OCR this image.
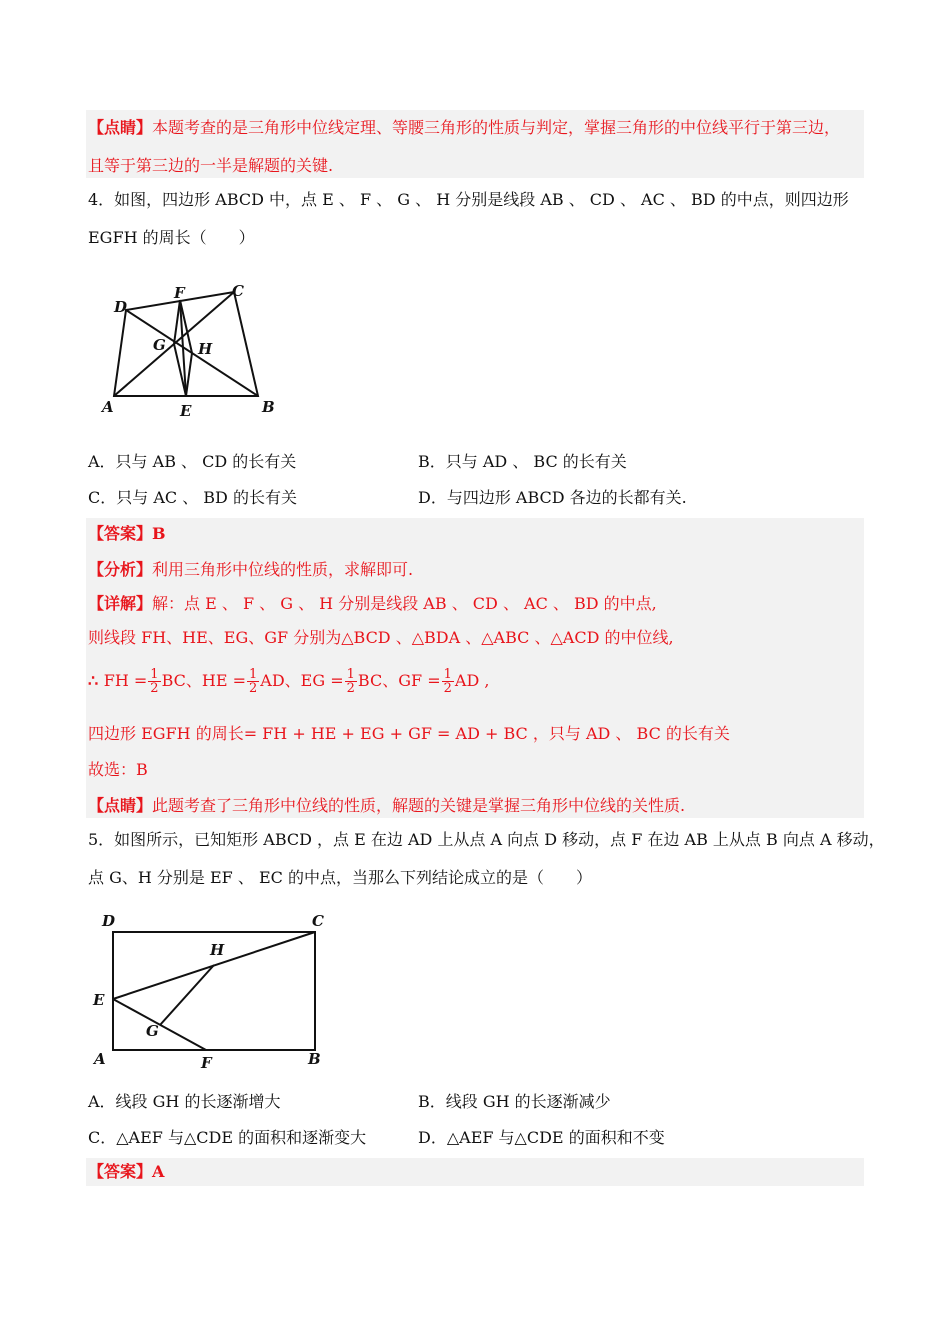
【点睛】本题考查的是三角形中位线定理、等腰三角形的性质与判定，掌握三角形的中位线平行于第三边，
且等于第三边的一半是解题的关键.
4．如图，四边形 ABCD 中，点 E 、 F 、 G 、 H 分别是线段 AB 、 CD 、 AC 、 BD 的中点，则四边形
EGFH 的周长（　　）
A	B
C
D
E
F
G H
A．只与 AB 、 CD 的长有关	B．只与 AD 、 BC 的长有关
C．只与 AC 、 BD 的长有关	D．与四边形 ABCD 各边的长都有关.
【答案】B
【分析】利用三角形中位线的性质，求解即可.
【详解】解：点 E 、 F 、 G 、 H 分别是线段 AB 、 CD 、 AC 、 BD 的中点,
则线段 FH、HE、EG、GF 分别为△BCD 、△BDA 、△ABC 、△ACD 的中位线,
∴ FH = $\frac{1}{2}$ BC、HE = $\frac{1}{2}$ AD、EG = $\frac{1}{2}$ BC、GF = $\frac{1}{2}$ AD ,
四边形 EGFH 的周长= FH + HE + EG + GF = AD + BC ，只与 AD 、 BC 的长有关
故选：B
【点睛】此题考查了三角形中位线的性质，解题的关键是掌握三角形中位线的关性质.
5．如图所示，已知矩形 ABCD ，点 E 在边 AD 上从点 A 向点 D 移动，点 F 在边 AB 上从点 B 向点 A 移动，
点 G、H 分别是 EF 、 EC 的中点，当那么下列结论成立的是（　　）
A	B
C
D
E
F
G
H
A．线段 GH 的长逐渐增大	B．线段 GH 的长逐渐减少
C．△AEF 与△CDE 的面积和逐渐变大	D．△AEF 与△CDE 的面积和不变
【答案】A
